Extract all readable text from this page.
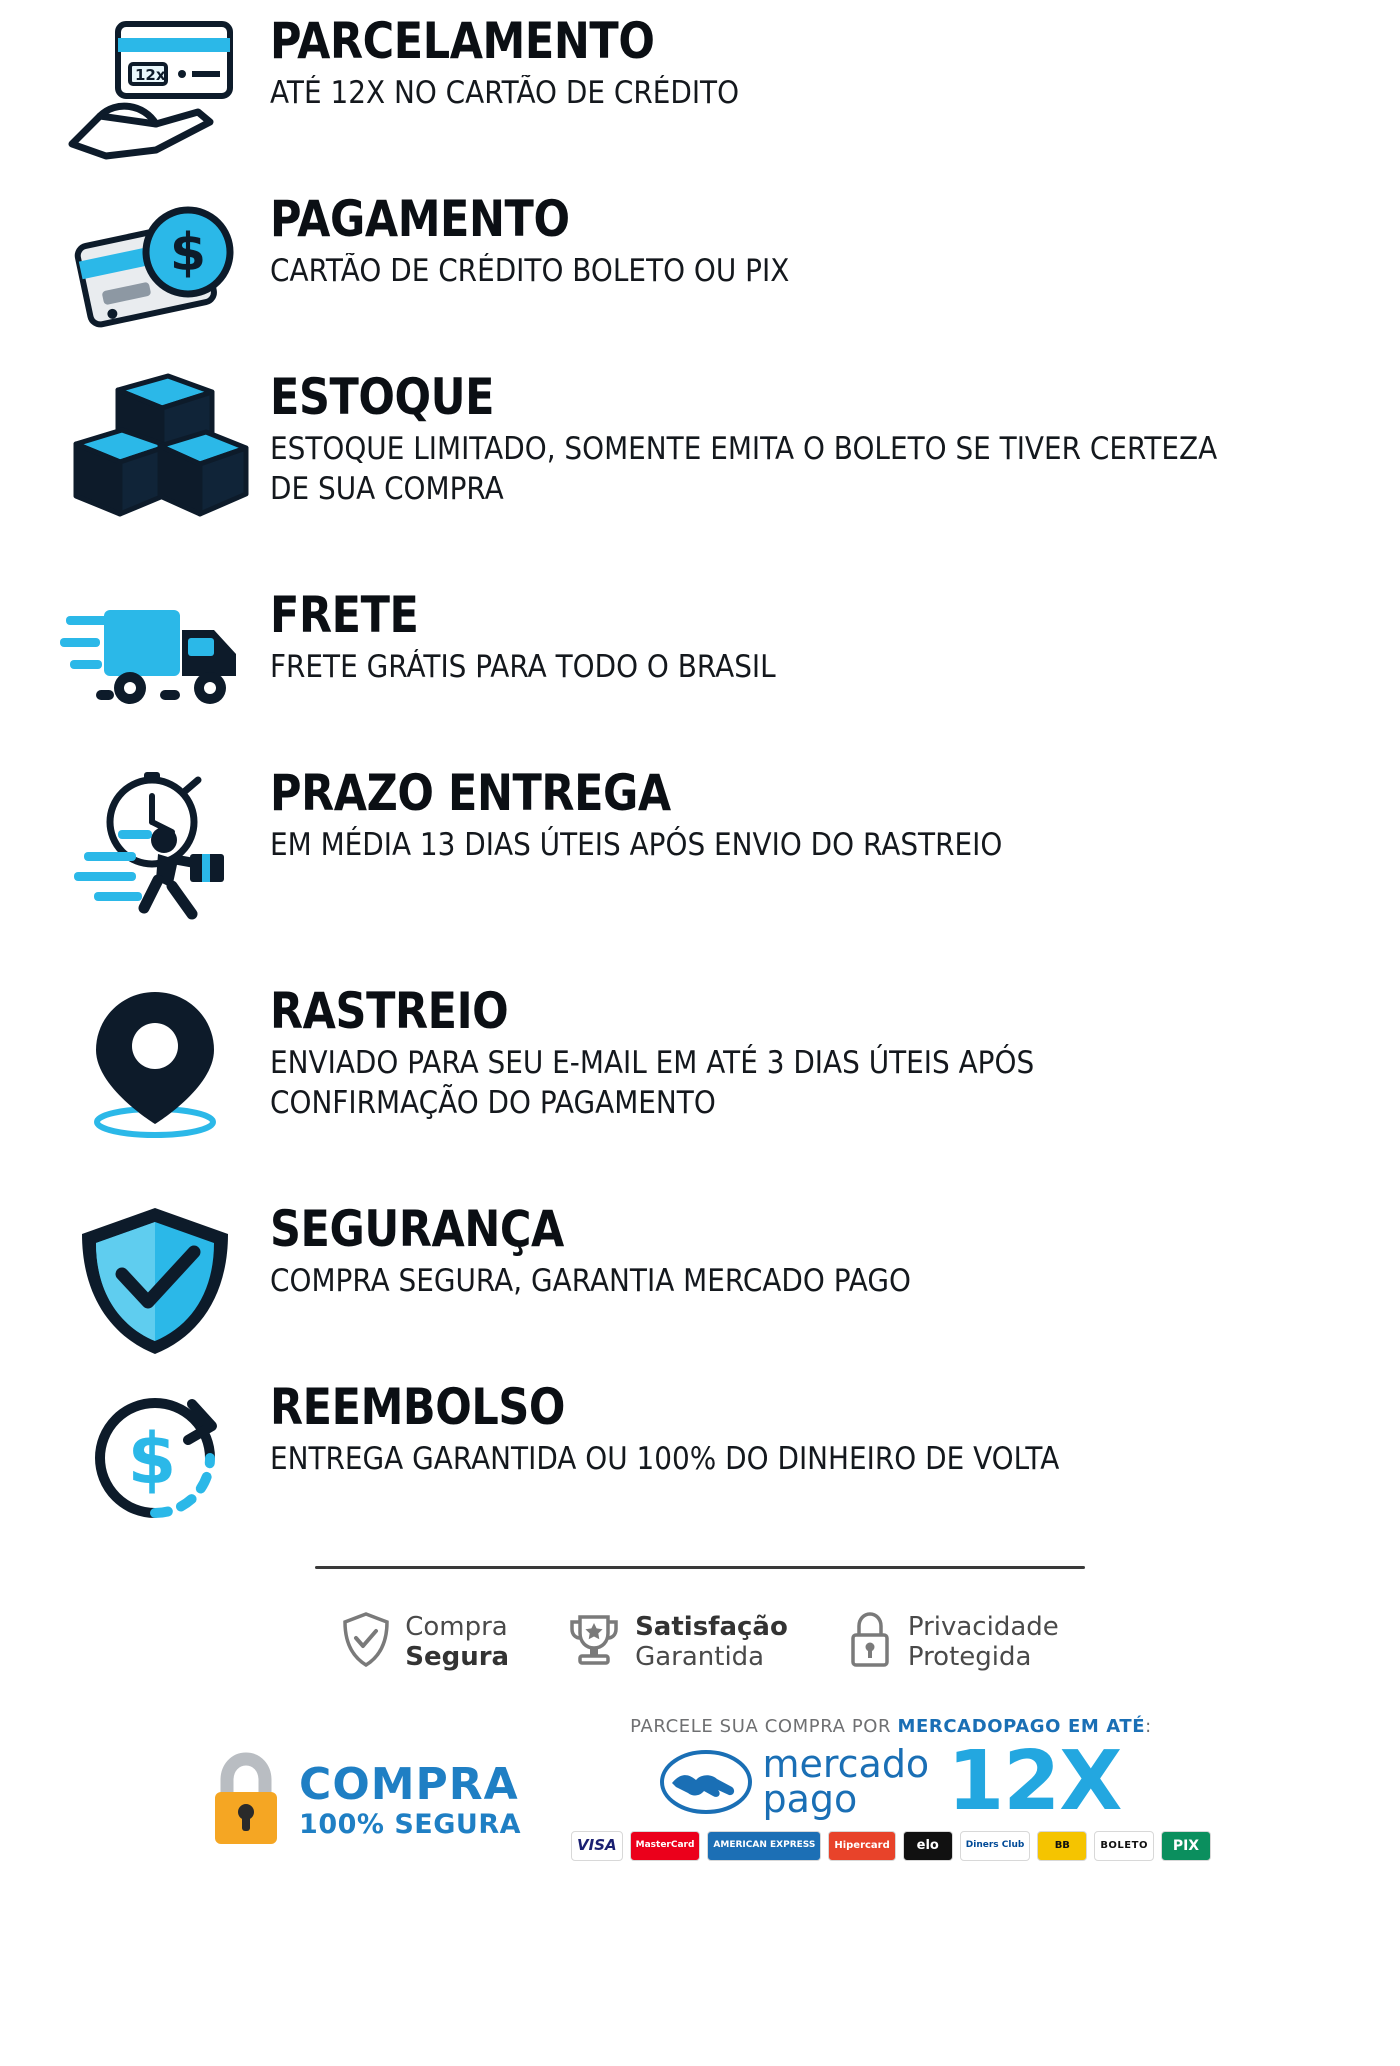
12x
PARCELAMENTO

ATÉ 12X NO CARTÃO DE CRÉDITO

$
PAGAMENTO

CARTÃO DE CRÉDITO BOLETO OU PIX

ESTOQUE

ESTOQUE LIMITADO, SOMENTE EMITA O BOLETO SE TIVER CERTEZA DE SUA COMPRA

FRETE

FRETE GRÁTIS PARA TODO O BRASIL

PRAZO ENTREGA

EM MÉDIA 13 DIAS ÚTEIS APÓS ENVIO DO RASTREIO

RASTREIO

ENVIADO PARA SEU E-MAIL EM ATÉ 3 DIAS ÚTEIS APÓS CONFIRMAÇÃO DO PAGAMENTO

SEGURANÇA

COMPRA SEGURA, GARANTIA MERCADO PAGO

$
REEMBOLSO

ENTREGA GARANTIDA OU 100% DO DINHEIRO DE VOLTA

Compra
Segura
Satisfação
Garantida
Privacidade
Protegida
COMPRA
100% SEGURA
PARCELE SUA COMPRA POR MERCADOPAGO EM ATÉ:
mercado
pago	12X
VISA	MasterCard	AMERICAN EXPRESS	Hipercard	elo	Diners Club	BB	BOLETO	PIX
